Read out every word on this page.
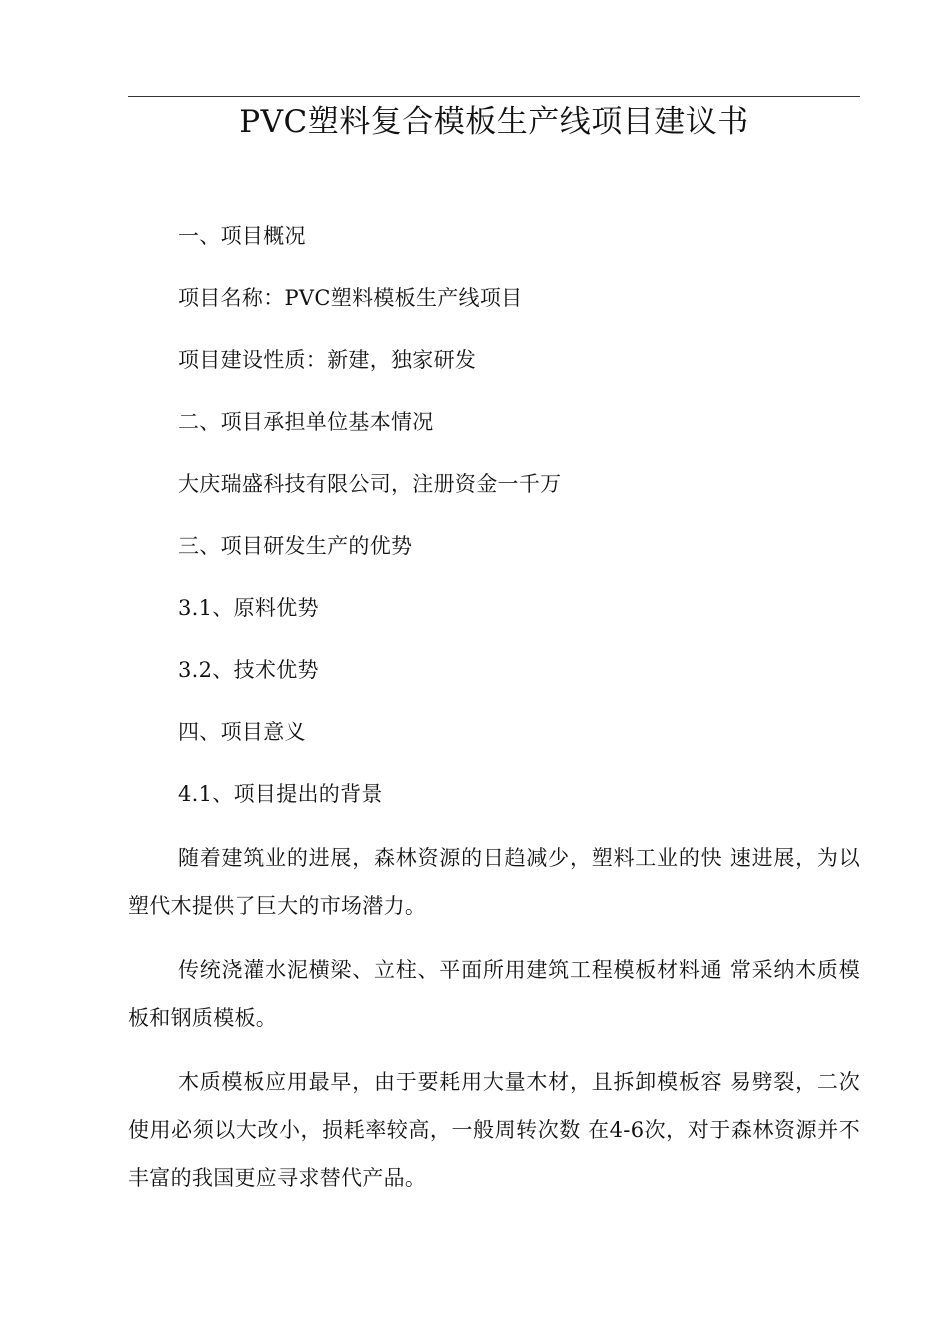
PVC塑料复合模板生产线项目建议书
一、项目概况
项目名称：PVC塑料模板生产线项目
项目建设性质：新建，独家研发
二、项目承担单位基本情况
大庆瑞盛科技有限公司，注册资金一千万
三、项目研发生产的优势
3.1、原料优势
3.2、技术优势
四、项目意义
4.1、项目提出的背景
随着建筑业的进展，森林资源的日趋减少，塑料工业的快 速进展，为以塑代木提供了巨大的市场潜力。
传统浇灌水泥横梁、立柱、平面所用建筑工程模板材料通 常采纳木质模板和钢质模板。
木质模板应用最早，由于要耗用大量木材，且拆卸模板容 易劈裂，二次使用必须以大改小，损耗率较高，一般周转次数 在4-6次，对于森林资源并不丰富的我国更应寻求替代产品。
